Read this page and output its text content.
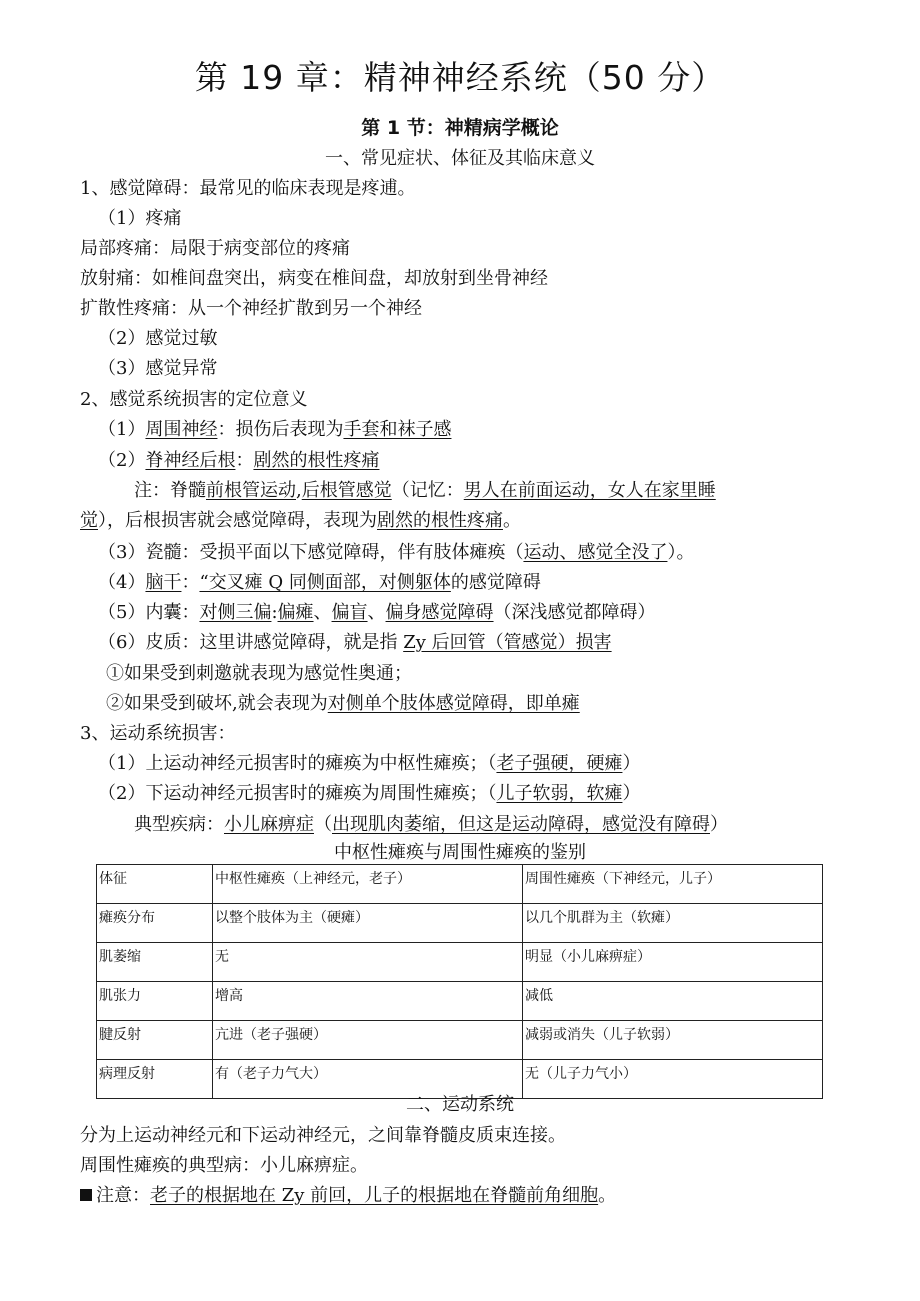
第 19 章：精神神经系统（50 分）
第 1 节：神精病学概论
一、常见症状、体征及其临床意义
1、感觉障碍：最常见的临床表现是疼逋。
（1）疼痛
局部疼痛：局限于病变部位的疼痛
放射痛：如椎间盘突出，病变在椎间盘，却放射到坐骨神经
扩散性疼痛：从一个神经扩散到另一个神经
（2）感觉过敏
（3）感觉异常
2、感觉系统损害的定位意义
（1）周围神经：损伤后表现为手套和袜子感
（2）脊神经后根：剧然的根性疼痛
注：脊髓前根管运动,后根管感觉（记忆：男人在前面运动，女人在家里睡
觉），后根损害就会感觉障碍，表现为剧然的根性疼痛。
（3）瓷髓：受损平面以下感觉障碍，伴有肢体瘫痪（运动、感觉全没了）。
（4）脑干：“交叉瘫 Q 同侧面部，对侧躯体的感觉障碍
（5）内囊：对侧三偏:偏瘫、偏盲、偏身感觉障碍（深浅感觉都障碍）
（6）皮质：这里讲感觉障碍，就是指 Zy 后回管（管感觉）损害
①如果受到刺邀就表现为感觉性奥通；
②如果受到破坏,就会表现为对侧单个肢体感觉障碍，即单瘫
3、运动系统损害：
（1）上运动神经元损害时的瘫痪为中枢性瘫痪；（老子强硬，硬瘫）
（2）下运动神经元损害时的瘫痪为周围性瘫痪；（儿子软弱，软瘫）
典型疾病：小儿麻痹症（出现肌肉萎缩，但这是运动障碍，感觉没有障碍）
中枢性瘫痪与周围性瘫痪的鉴别
体征	中枢性瘫痪（上神经元，老子）	周围性瘫痪（下神经元，儿子）
瘫痪分布	以整个肢体为主（硬瘫）	以几个肌群为主（软瘫）
肌萎缩	无	明显（小儿麻痹症）
肌张力	增高	减低
腱反射	亢进（老子强硬）	减弱或消失（儿子软弱）
病理反射	有（老子力气大）	无（儿子力气小）
二、运动系统
分为上运动神经元和下运动神经元，之间靠脊髓皮质束连接。
周围性瘫痪的典型病：小儿麻痹症。
注意：老子的根据地在 Zy 前回，儿子的根据地在脊髓前角细胞。
